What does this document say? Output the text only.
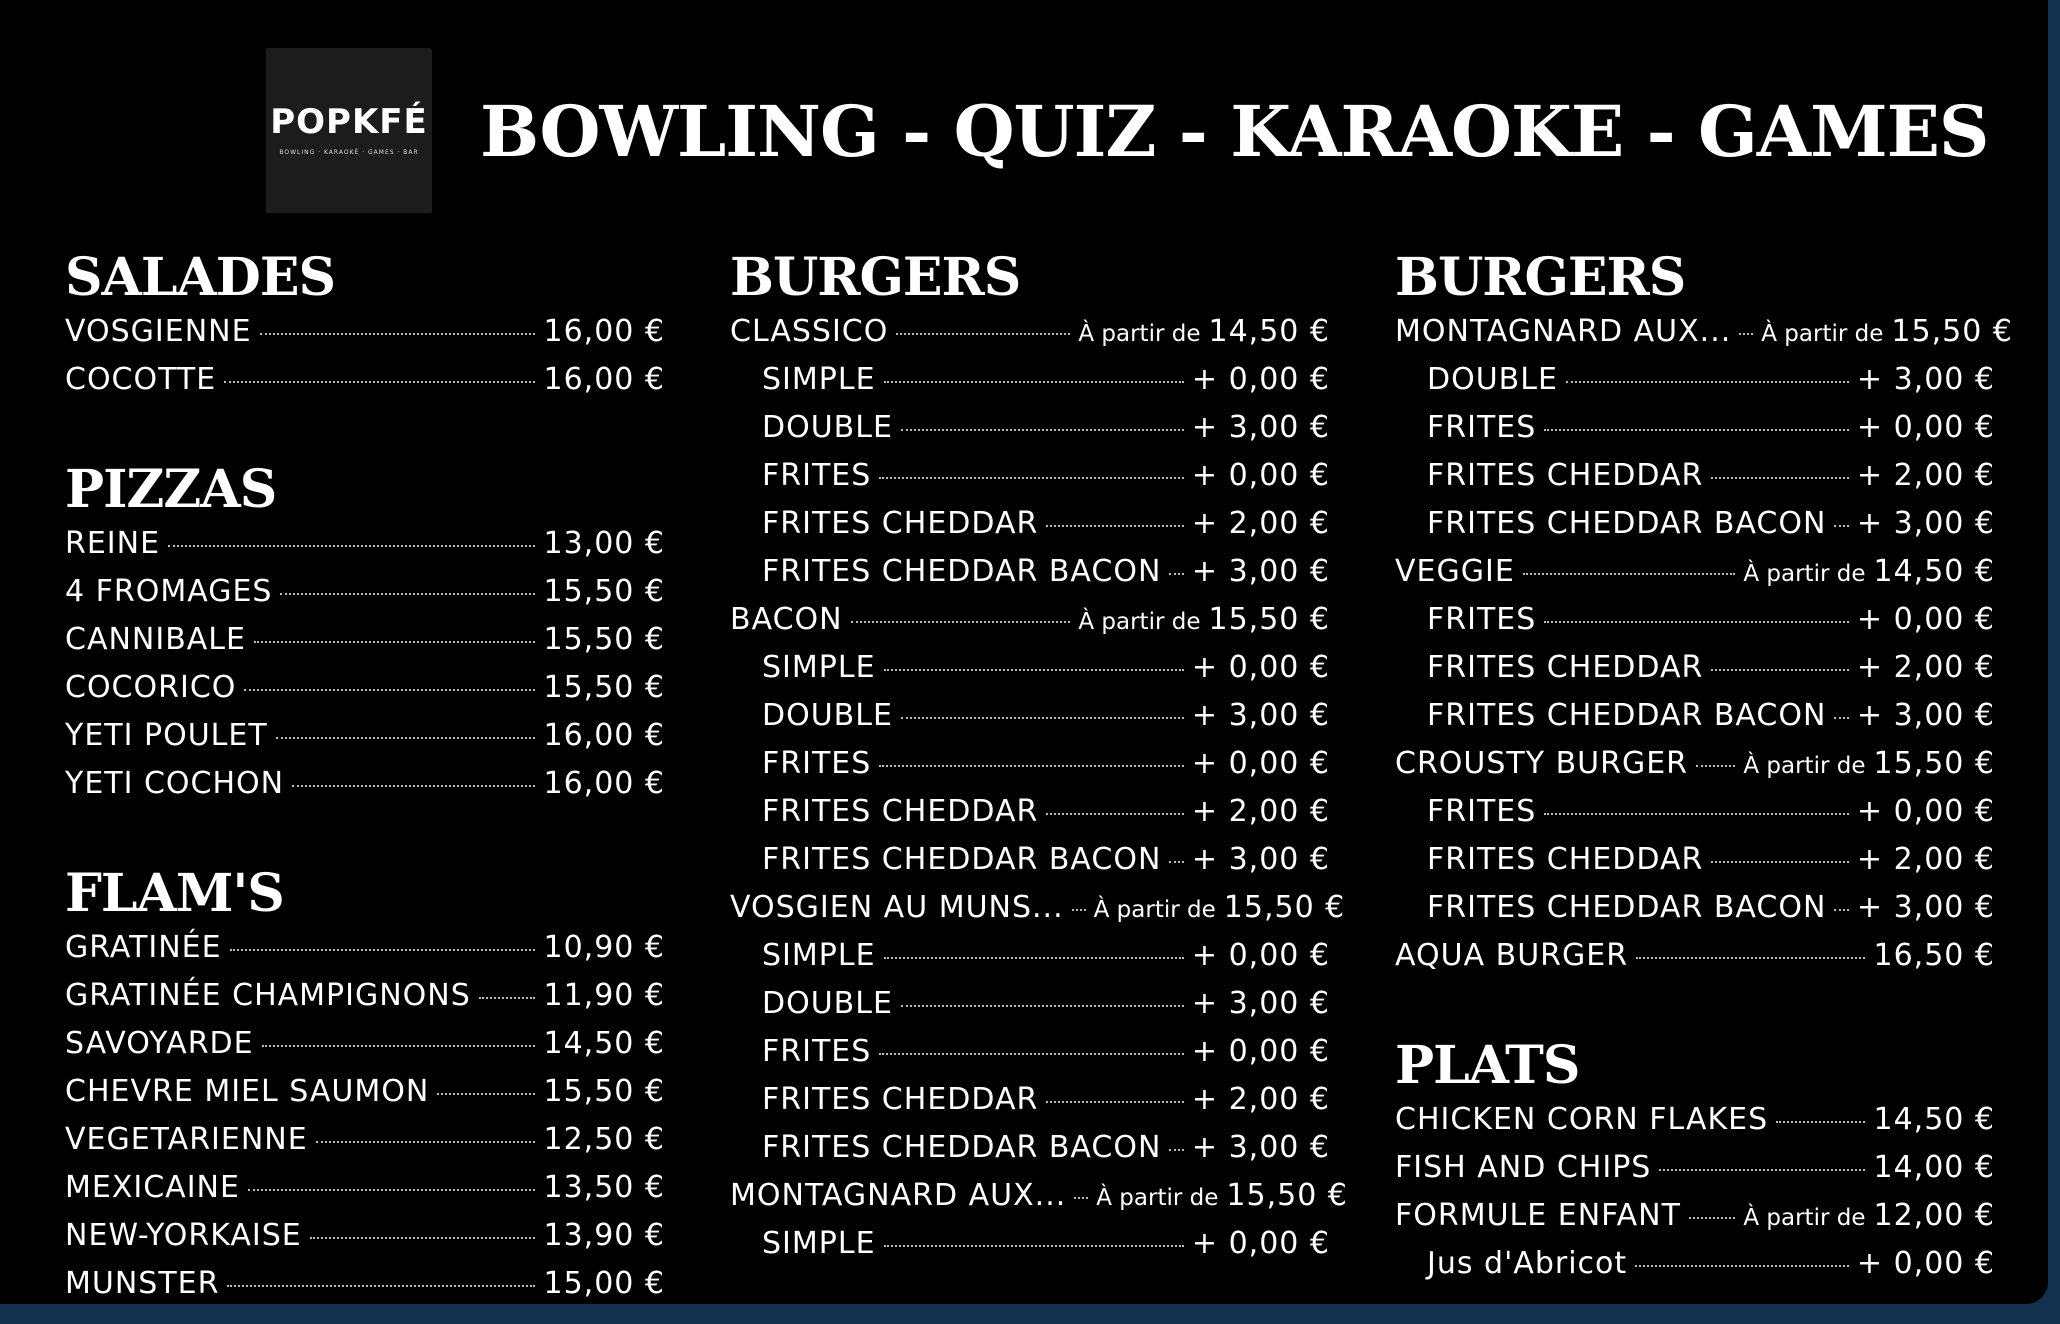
POPKFÉ
BOWLING · KARAOKÉ · GAMES · BAR BOWLING - QUIZ - KARAOKE - GAMES
SALADES
VOSGIENNE	16,00 €
COCOTTE	16,00 €
PIZZAS
REINE	13,00 €
4 FROMAGES	15,50 €
CANNIBALE	15,50 €
COCORICO	15,50 €
YETI POULET	16,00 €
YETI COCHON	16,00 €
FLAM'S
GRATINÉE	10,90 €
GRATINÉE CHAMPIGNONS 11,90 €
SAVOYARDE	14,50 €
CHEVRE MIEL SAUMON	15,50 €
VEGETARIENNE	12,50 €
MEXICAINE	13,50 €
NEW-YORKAISE	13,90 €
MUNSTER	15,00 €
BURGERS
CLASSICO	À partir de 14,50 €
SIMPLE	+ 0,00 €
DOUBLE	+ 3,00 €
FRITES	+ 0,00 €
FRITES CHEDDAR	+ 2,00 €
FRITES CHEDDAR BACON + 3,00 €
BACON	À partir de 15,50 €
SIMPLE	+ 0,00 €
DOUBLE	+ 3,00 €
FRITES	+ 0,00 €
FRITES CHEDDAR	+ 2,00 €
FRITES CHEDDAR BACON + 3,00 €
VOSGIEN AU MUNS... À partir de 15,50 €
SIMPLE	+ 0,00 €
DOUBLE	+ 3,00 €
FRITES	+ 0,00 €
FRITES CHEDDAR	+ 2,00 €
FRITES CHEDDAR BACON + 3,00 €
MONTAGNARD AUX... À partir de 15,50 €
SIMPLE	+ 0,00 €
BURGERS
MONTAGNARD AUX... À partir de 15,50 €
DOUBLE	+ 3,00 €
FRITES	+ 0,00 €
FRITES CHEDDAR	+ 2,00 €
FRITES CHEDDAR BACON + 3,00 €
VEGGIE	À partir de 14,50 €
FRITES	+ 0,00 €
FRITES CHEDDAR	+ 2,00 €
FRITES CHEDDAR BACON + 3,00 €
CROUSTY BURGER À partir de 15,50 €
FRITES	+ 0,00 €
FRITES CHEDDAR	+ 2,00 €
FRITES CHEDDAR BACON + 3,00 €
AQUA BURGER	16,50 €
PLATS
CHICKEN CORN FLAKES	14,50 €
FISH AND CHIPS	14,00 €
FORMULE ENFANT	À partir de 12,00 €
Jus d'Abricot	+ 0,00 €
